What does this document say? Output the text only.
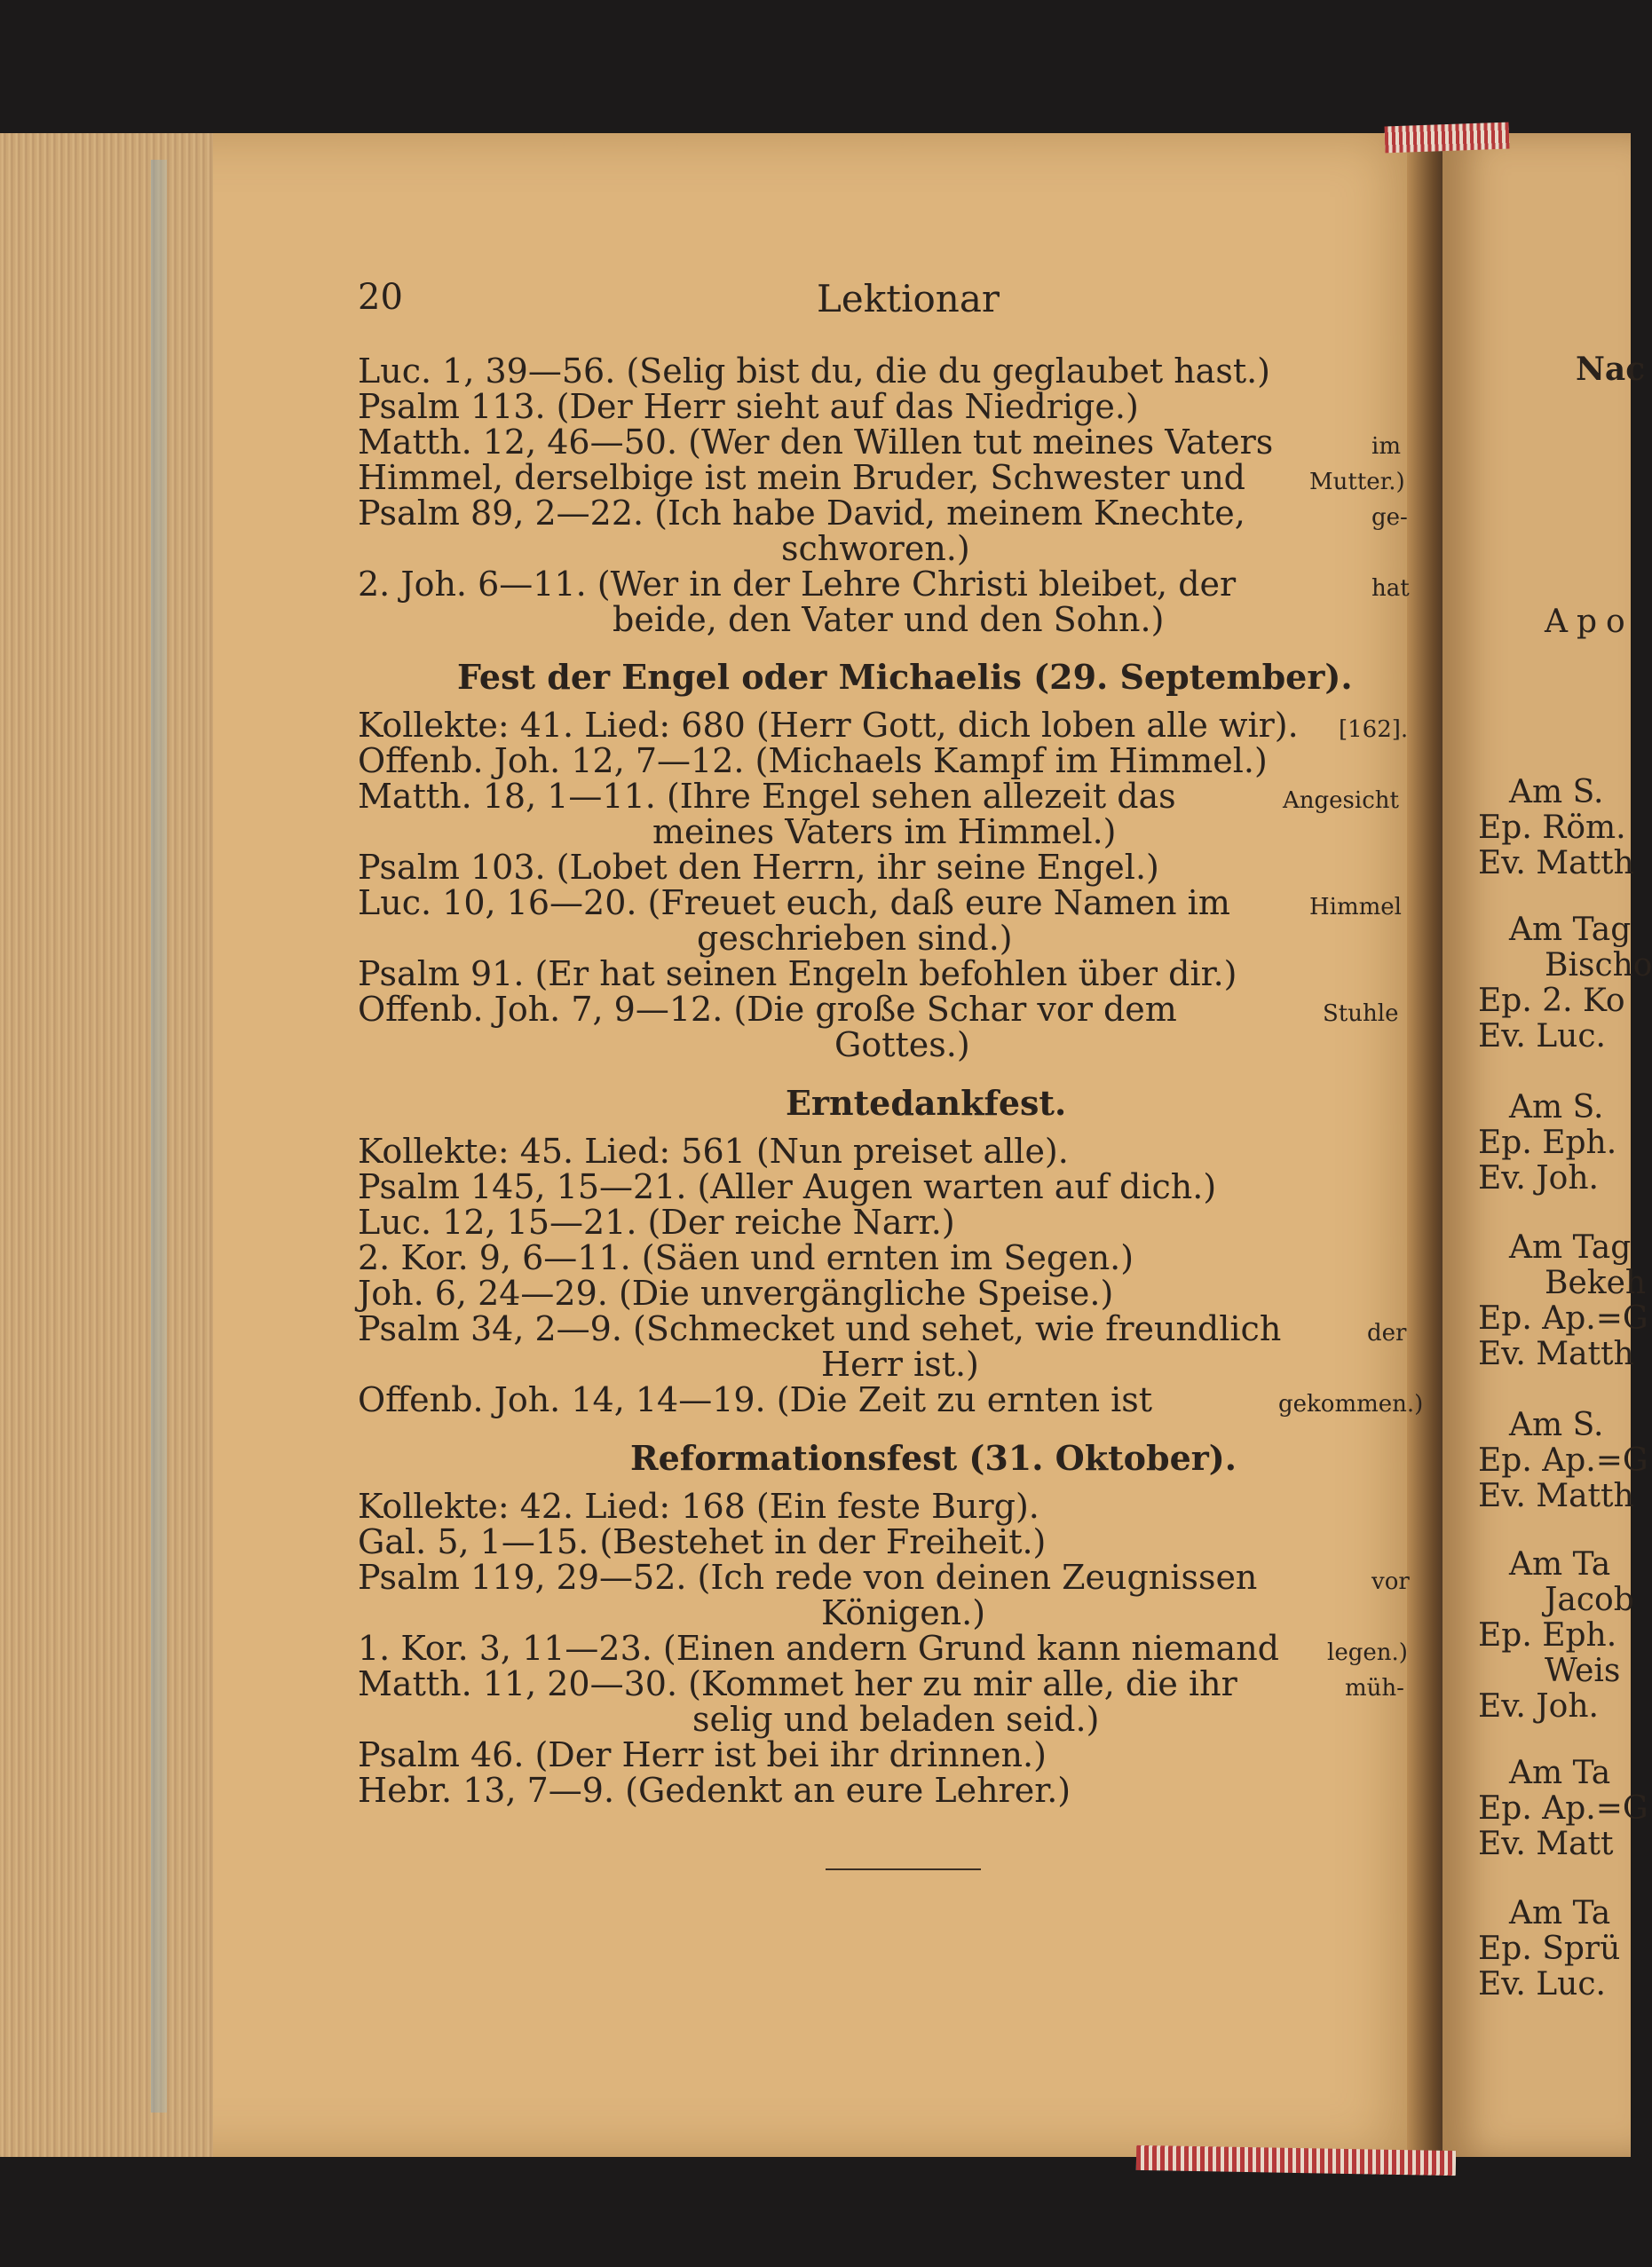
20	Lektionar
Luc. 1, 39—56. (Selig bist du, die du geglaubet hast.)
Psalm 113. (Der Herr sieht auf das Niedrige.)
Matth. 12, 46—50. (Wer den Willen tut meines Vaters	im
Himmel, derselbige ist mein Bruder, Schwester und	Mutter.)
Psalm 89, 2—22. (Ich habe David, meinem Knechte,	ge-
schworen.)
2. Joh. 6—11. (Wer in der Lehre Christi bleibet, der	hat
beide, den Vater und den Sohn.)
Fest der Engel oder Michaelis (29. September).
Kollekte: 41. Lied: 680 (Herr Gott, dich loben alle wir). [162].
Offenb. Joh. 12, 7—12. (Michaels Kampf im Himmel.)
Matth. 18, 1—11. (Ihre Engel sehen allezeit das	Angesicht
meines Vaters im Himmel.)
Psalm 103. (Lobet den Herrn, ihr seine Engel.)
Luc. 10, 16—20. (Freuet euch, daß eure Namen im	Himmel
geschrieben sind.)
Psalm 91. (Er hat seinen Engeln befohlen über dir.)
Offenb. Joh. 7, 9—12. (Die große Schar vor dem	Stuhle
Gottes.)
Erntedankfest.
Kollekte: 45. Lied: 561 (Nun preiset alle).
Psalm 145, 15—21. (Aller Augen warten auf dich.)
Luc. 12, 15—21. (Der reiche Narr.)
2. Kor. 9, 6—11. (Säen und ernten im Segen.)
Joh. 6, 24—29. (Die unvergängliche Speise.)
Psalm 34, 2—9. (Schmecket und sehet, wie freundlich	der
Herr ist.)
Offenb. Joh. 14, 14—19. (Die Zeit zu ernten ist	gekommen.)
Reformationsfest (31. Oktober).
Kollekte: 42. Lied: 168 (Ein feste Burg).
Gal. 5, 1—15. (Bestehet in der Freiheit.)
Psalm 119, 29—52. (Ich rede von deinen Zeugnissen	vor
Königen.)
1. Kor. 3, 11—23. (Einen andern Grund kann niemand legen.)
Matth. 11, 20—30. (Kommet her zu mir alle, die ihr	müh-
selig und beladen seid.)
Psalm 46. (Der Herr ist bei ihr drinnen.)
Hebr. 13, 7—9. (Gedenkt an eure Lehrer.)
Nac
Apo
Am S.
Ep. Röm.
Ev. Matth
Am Tag
Bischo
Ep. 2. Ko
Ev. Luc.
Am S.
Ep. Eph.
Ev. Joh.
Am Tag
Bekeh
Ep. Ap.=G
Ev. Matth
Am S.
Ep. Ap.=G
Ev. Matth
Am Ta
Jacob
Ep. Eph.
Weis
Ev. Joh.
Am Ta
Ep. Ap.=G
Ev. Matt
Am Ta
Ep. Sprü
Ev. Luc.
